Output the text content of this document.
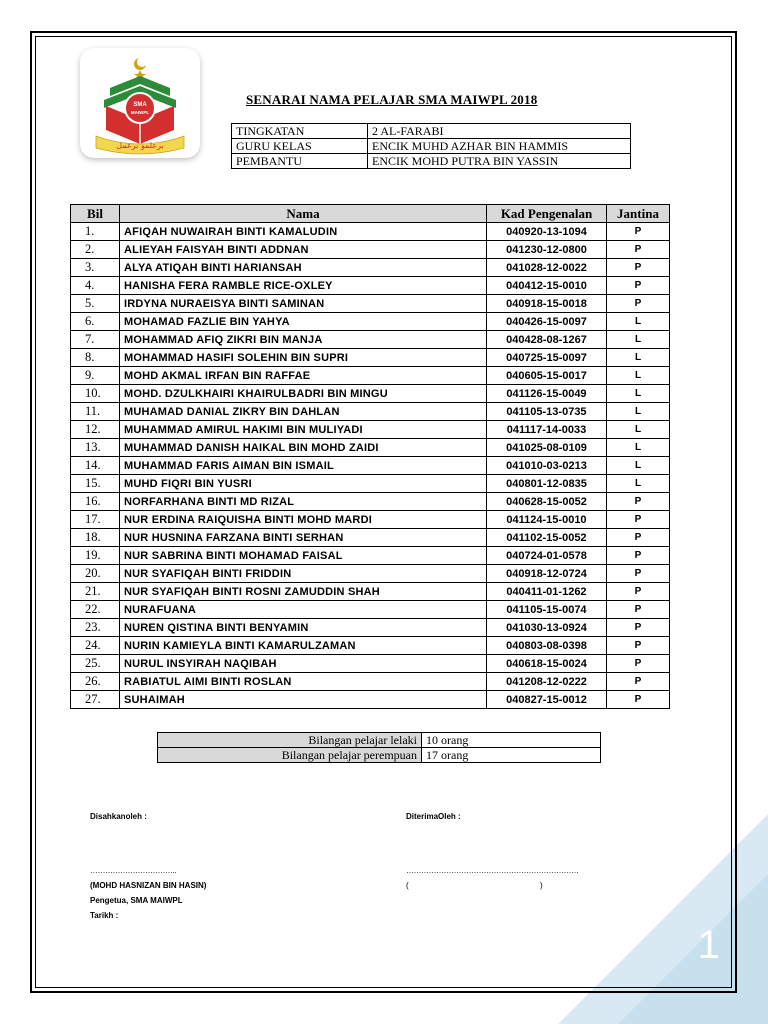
1
SMA
MAIWPL
برعلمو برعمل
SENARAI NAMA PELAJAR SMA MAIWPL 2018
TINGKATAN	2 AL-FARABI
GURU KELAS	ENCIK MUHD AZHAR BIN HAMMIS
PEMBANTU	ENCIK MOHD PUTRA BIN YASSIN
Bil	Nama	Kad Pengenalan	Jantina
1.	AFIQAH NUWAIRAH BINTI KAMALUDIN	040920-13-1094	P
2.	ALIEYAH FAISYAH BINTI ADDNAN	041230-12-0800	P
3.	ALYA ATIQAH BINTI HARIANSAH	041028-12-0022	P
4.	HANISHA FERA RAMBLE RICE-OXLEY	040412-15-0010	P
5.	IRDYNA NURAEISYA BINTI SAMINAN	040918-15-0018	P
6.	MOHAMAD FAZLIE BIN YAHYA	040426-15-0097	L
7.	MOHAMMAD AFIQ ZIKRI BIN MANJA	040428-08-1267	L
8.	MOHAMMAD HASIFI SOLEHIN BIN SUPRI	040725-15-0097	L
9.	MOHD AKMAL IRFAN BIN RAFFAE	040605-15-0017	L
10.	MOHD. DZULKHAIRI KHAIRULBADRI BIN MINGU	041126-15-0049	L
11.	MUHAMAD DANIAL ZIKRY BIN DAHLAN	041105-13-0735	L
12.	MUHAMMAD AMIRUL HAKIMI BIN MULIYADI	041117-14-0033	L
13.	MUHAMMAD DANISH HAIKAL BIN MOHD ZAIDI	041025-08-0109	L
14.	MUHAMMAD FARIS AIMAN BIN ISMAIL	041010-03-0213	L
15.	MUHD FIQRI BIN YUSRI	040801-12-0835	L
16.	NORFARHANA BINTI MD RIZAL	040628-15-0052	P
17.	NUR ERDINA RAIQUISHA BINTI MOHD MARDI	041124-15-0010	P
18.	NUR HUSNINA FARZANA BINTI SERHAN	041102-15-0052	P
19.	NUR SABRINA BINTI MOHAMAD FAISAL	040724-01-0578	P
20.	NUR SYAFIQAH BINTI FRIDDIN	040918-12-0724	P
21.	NUR SYAFIQAH BINTI ROSNI ZAMUDDIN SHAH	040411-01-1262	P
22.	NURAFUANA	041105-15-0074	P
23.	NUREN QISTINA BINTI BENYAMIN	041030-13-0924	P
24.	NURIN KAMIEYLA BINTI KAMARULZAMAN	040803-08-0398	P
25.	NURUL INSYIRAH NAQIBAH	040618-15-0024	P
26.	RABIATUL AIMI BINTI ROSLAN	041208-12-0222	P
27.	SUHAIMAH	040827-15-0012	P
Bilangan pelajar lelaki	10 orang
Bilangan pelajar perempuan	17 orang
Disahkanoleh :	DiterimaOleh :
……………………………..	……………………………………………………………
(MOHD HASNIZAN BIN HASIN)
Pengetua, SMA MAIWPL
Tarikh :
(	)
